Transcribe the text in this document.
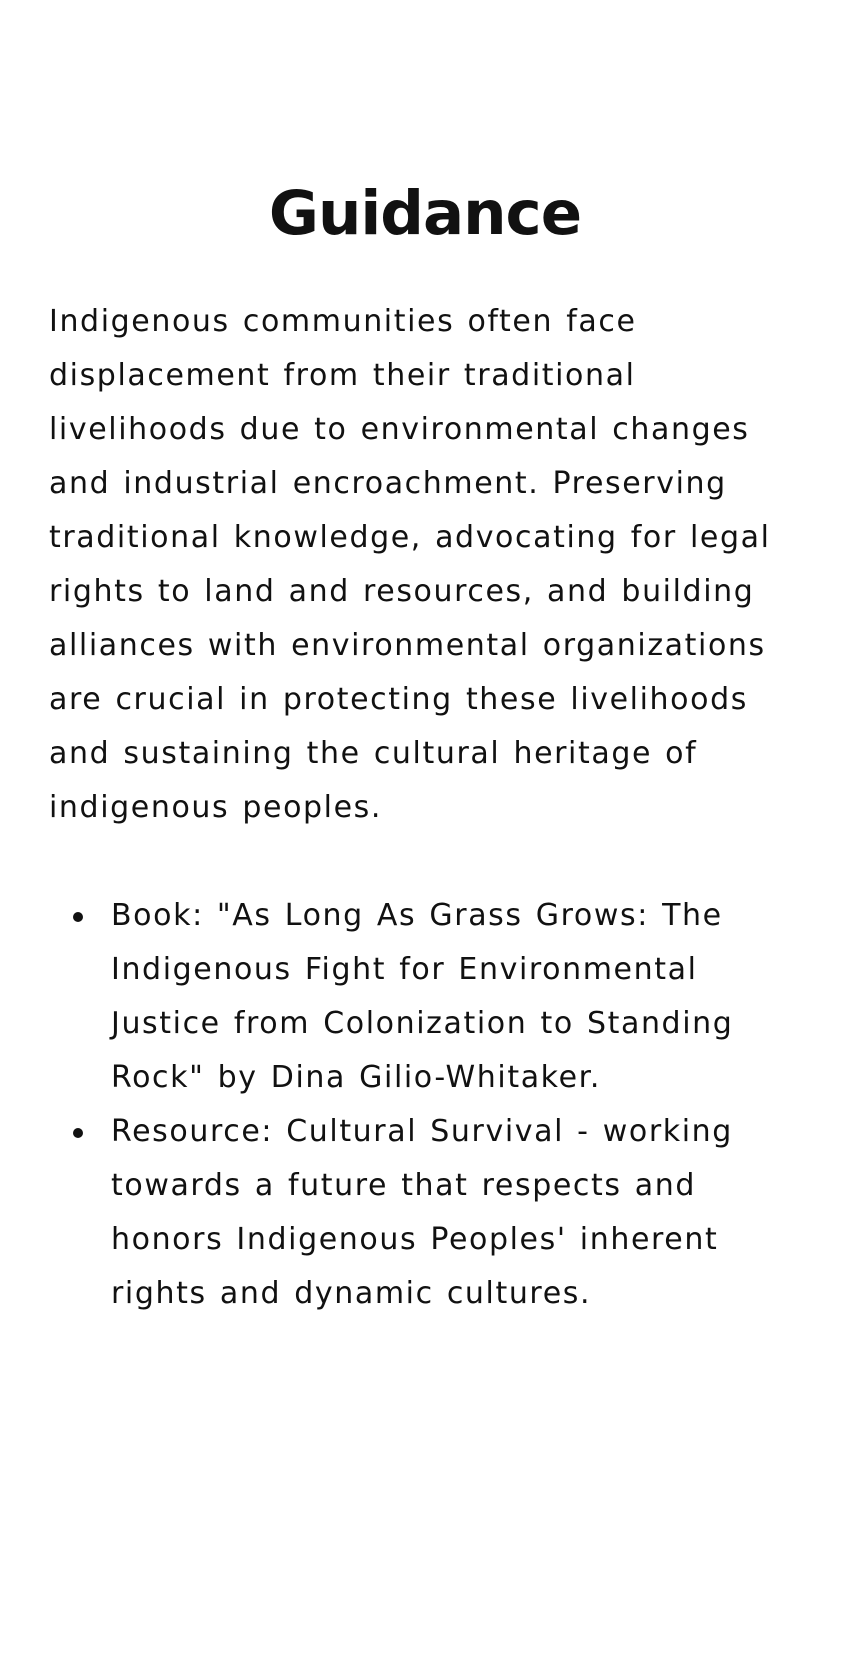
Guidance

Indigenous communities often face displacement from their traditional livelihoods due to environmental changes and industrial encroachment. Preserving traditional knowledge, advocating for legal rights to land and resources, and building alliances with environmental organizations are crucial in protecting these livelihoods and sustaining the cultural heritage of indigenous peoples.

Book: "As Long As Grass Grows: The Indigenous Fight for Environmental Justice from Colonization to Standing Rock" by Dina Gilio-Whitaker.
Resource: Cultural Survival - working towards a future that respects and honors Indigenous Peoples' inherent rights and dynamic cultures.
